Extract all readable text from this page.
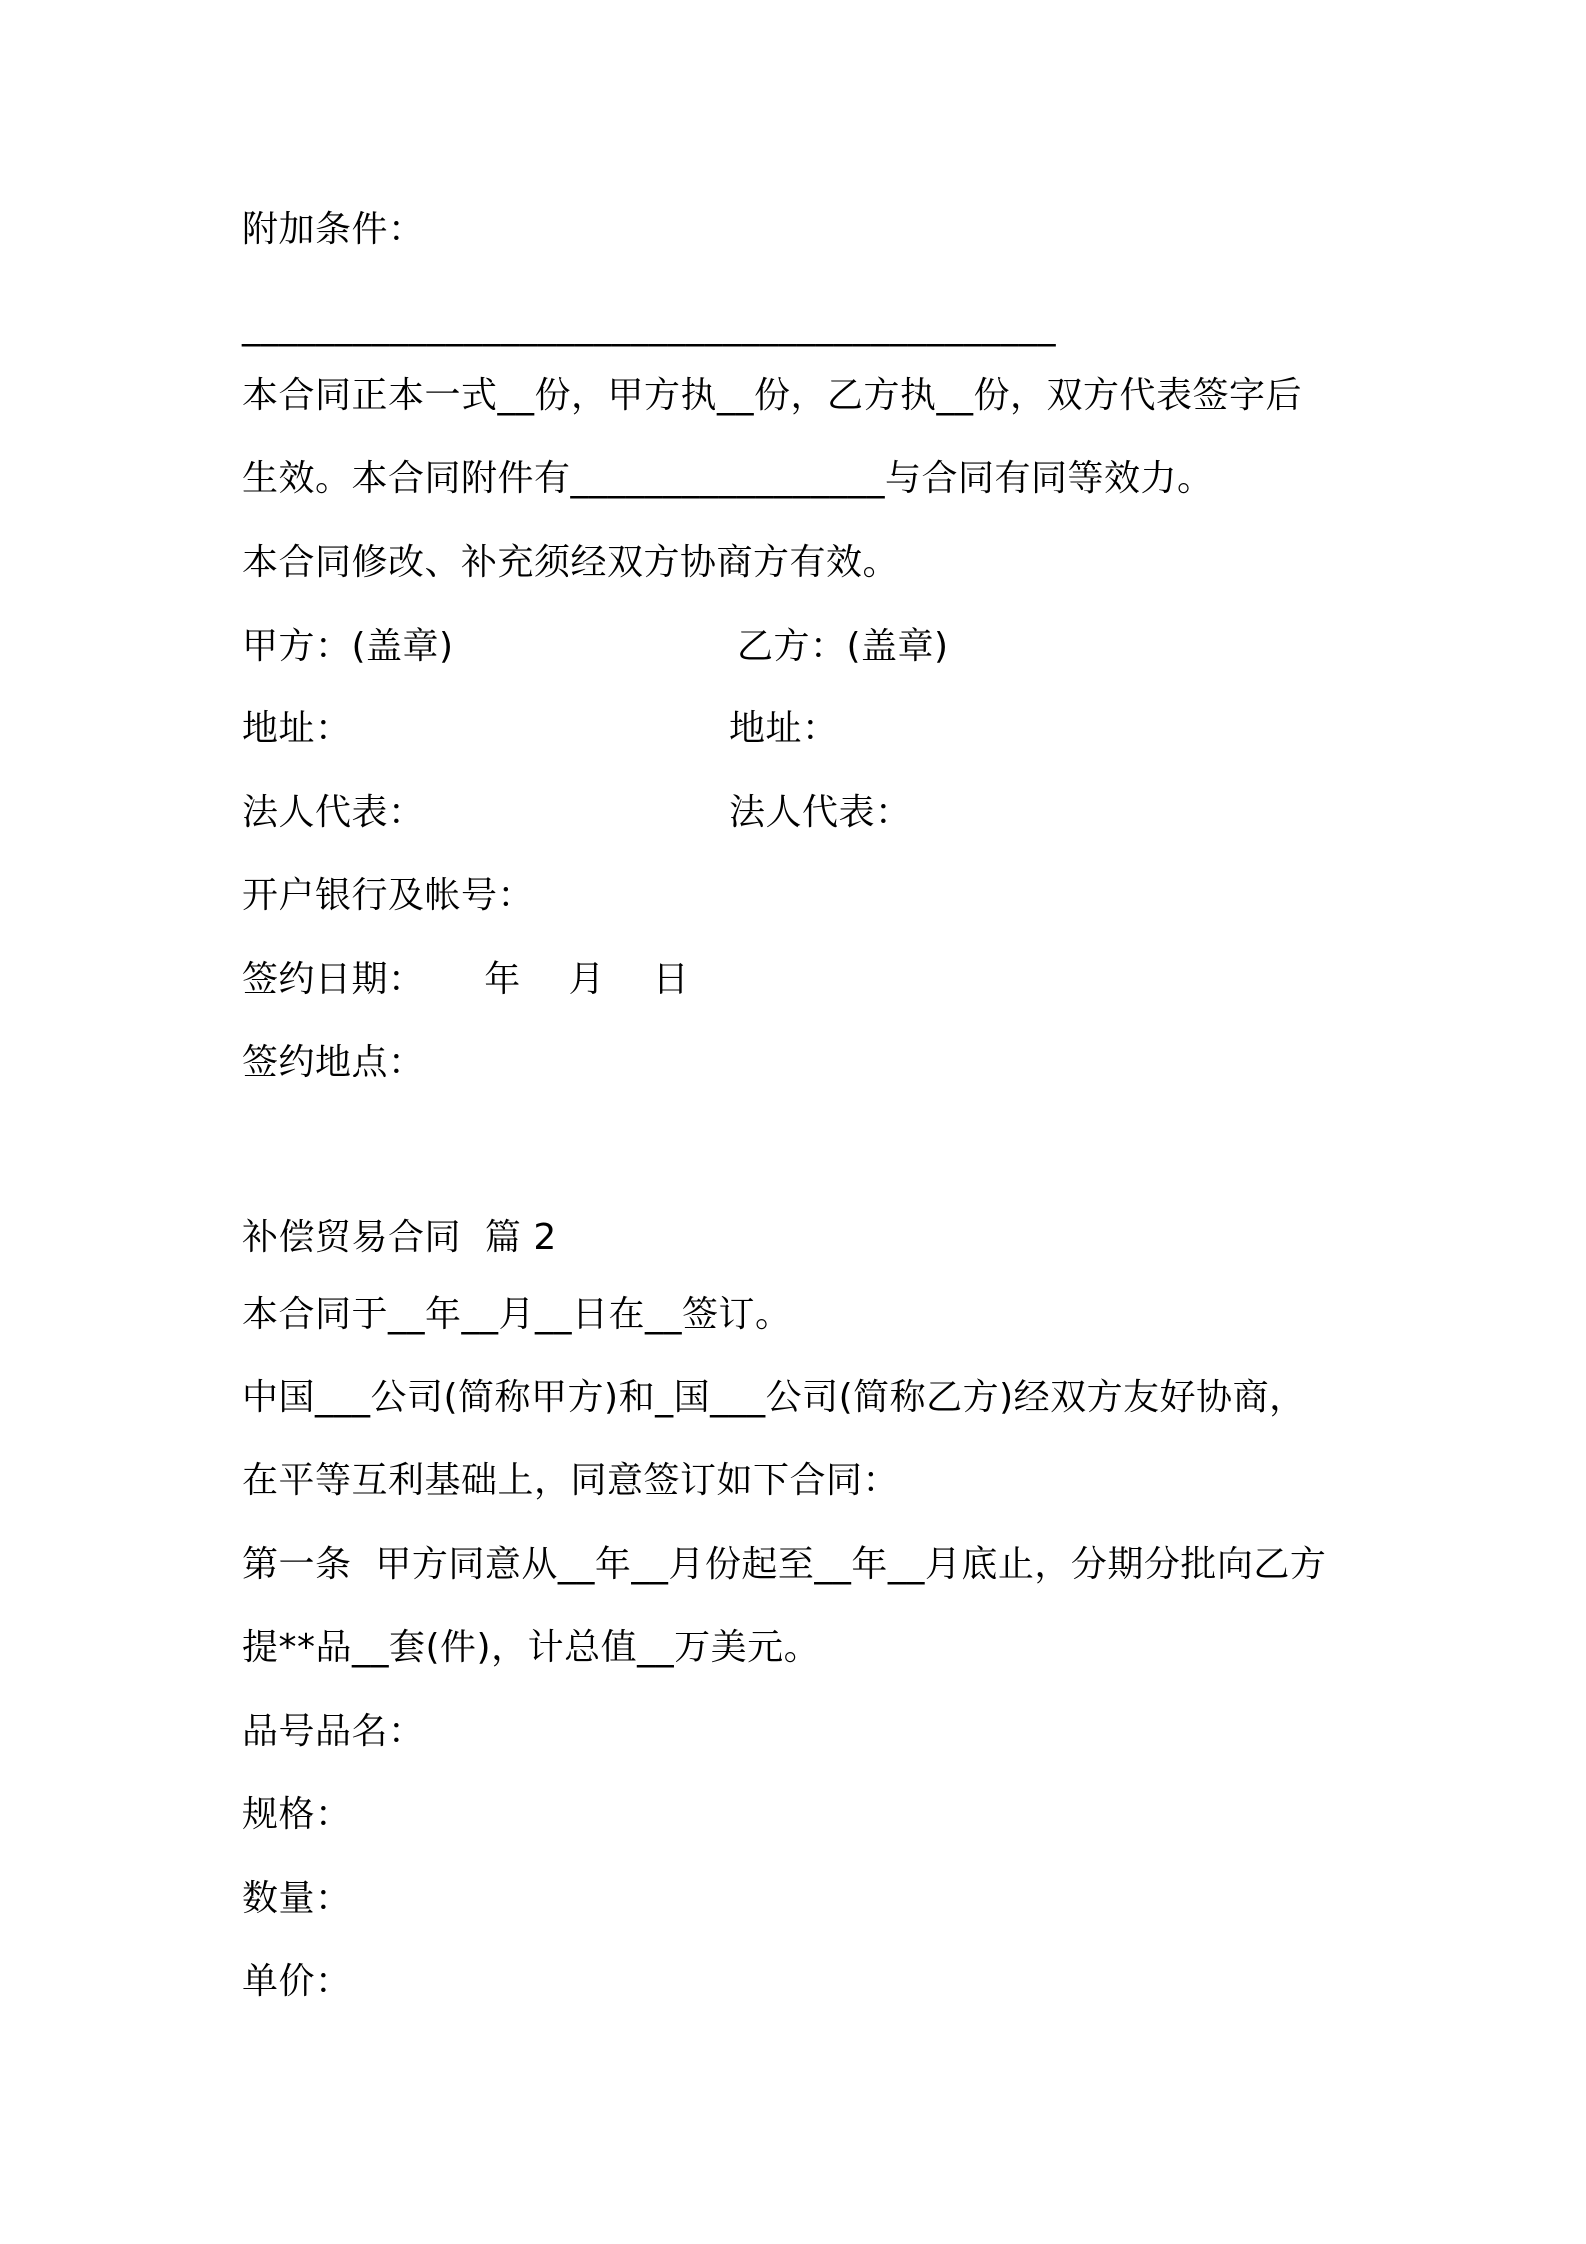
附加条件：
____________________________________________
本合同正本一式__份，甲方执__份，乙方执__份，双方代表签字后
生效。本合同附件有_________________与合同有同等效力。
本合同修改、补充须经双方协商方有效。
甲方：(盖章)	乙方：(盖章)
地址：	地址：
法人代表：	法人代表：
开户银行及帐号：
签约日期：     年    月    日
签约地点：
补偿贸易合同  篇 2
本合同于__年__月__日在__签订。
中国___公司(简称甲方)和_国___公司(简称乙方)经双方友好协商，
在平等互利基础上，同意签订如下合同：
第一条  甲方同意从__年__月份起至__年__月底止，分期分批向乙方
提**品__套(件)，计总值__万美元。
品号品名：
规格：
数量：
单价：
